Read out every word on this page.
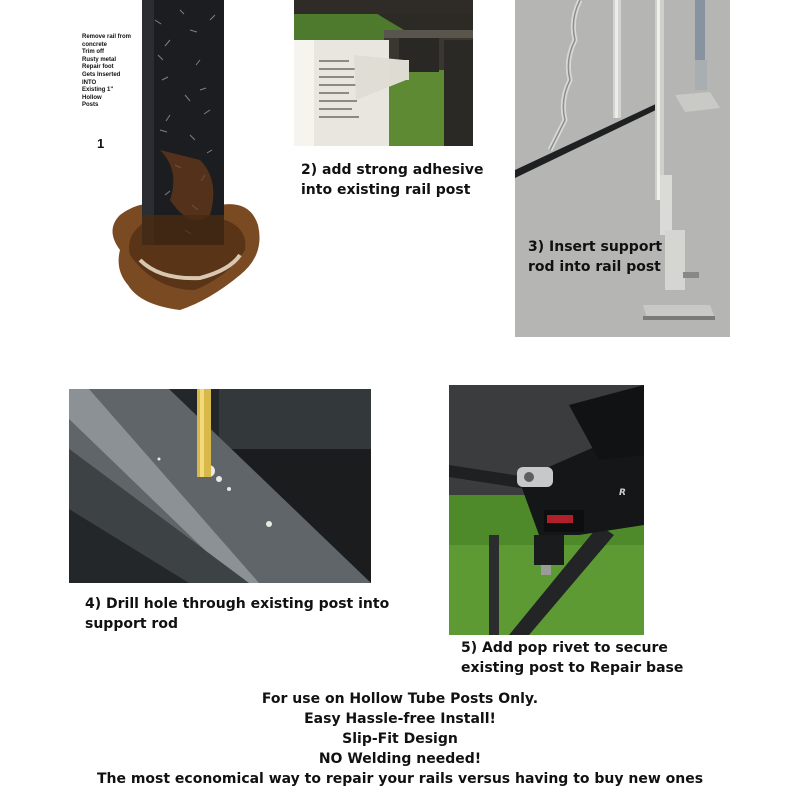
Remove rail from
concrete
Trim off
Rusty metal
Repair foot
Gets Inserted
INTO
Existing 1"
Hollow
Posts
1
2) add strong adhesive
into existing rail post
3) Insert support
rod into rail post
4) Drill hole through existing post into
support rod
R
5) Add pop rivet to secure
existing post to Repair base
For use on Hollow Tube Posts Only.
Easy Hassle-free Install!
Slip-Fit Design
NO Welding needed!
The most economical way to repair your rails versus having to buy new ones
